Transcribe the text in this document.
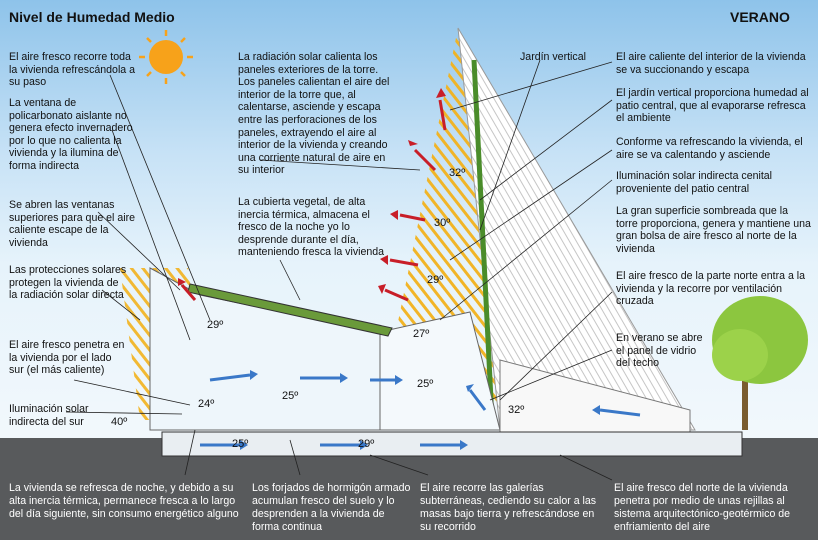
Nivel de Humedad Medio	VERANO
El aire fresco recorre toda la vivienda refrescándola a su paso
La ventana de policarbonato aislante no genera efecto invernadero por lo que no calienta la vivienda y la ilumina de forma indirecta
Se abren las ventanas superiores para que el aire caliente escape de la vivienda
Las protecciones solares protegen la vivienda de la radiación solar directa
El aire fresco penetra en la vivienda por el lado sur (el más caliente)
Iluminación solar indirecta del sur
La radiación solar calienta los paneles exteriores de la torre. Los paneles calientan el aire del interior de la torre que, al calentarse, asciende y escapa entre las perforaciones de los paneles, extrayendo el aire al interior de la vivienda y creando una corriente natural de aire en su interior
La cubierta vegetal, de alta inercia térmica, almacena el fresco de la noche yo lo desprende durante el día, manteniendo fresca la vivienda
Jardín vertical	El aire caliente del interior de la vivienda se va succionando y escapa
El jardín vertical proporciona humedad al patio central, que al evaporarse refresca el ambiente
Conforme va refrescando la vivienda, el aire se va calentando y asciende
Iluminación solar indirecta cenital proveniente del patio central
La gran superficie sombreada que la torre proporciona, genera y mantiene una gran bolsa de aire fresco al norte de la vivienda
El aire fresco de la parte norte entra a la vivienda y la recorre por ventilación cruzada
En verano se abre el panel de vidrio del techo
40º
29º
24º
25º
25º	29º
27º
25º
29º
30º
32º
32º
La vivienda se refresca de noche, y debido a su alta inercia térmica, permanece fresca a lo largo del día siguiente, sin consumo energético alguno
Los forjados de hormigón armado acumulan fresco del suelo y lo desprenden a la vivienda de forma continua
El aire recorre las galerías subterráneas, cediendo su calor a las masas bajo tierra y refrescándose en su recorrido
El aire fresco del norte de la vivienda penetra por medio de unas rejillas al sistema arquitectónico-geotérmico de enfriamiento del aire
